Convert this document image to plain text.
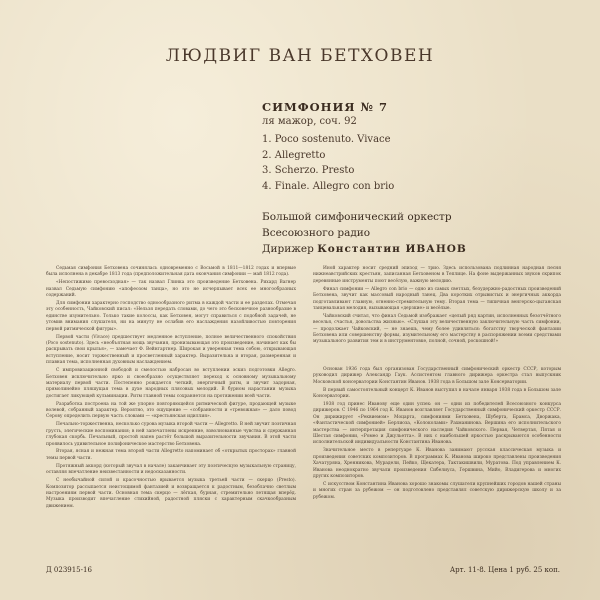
ЛЮДВИГ ВАН БЕТХОВЕН
СИМФОНИЯ № 7
ля мажор, соч. 92
1. Poco sostenuto. Vivace
2. Allegretto
3. Scherzo. Presto
4. Finale. Allegro con brio
Большой симфонический оркестр
Всесоюзного радио
Дирижер Константин ИВАНОВ

Седьмая симфония Бетховена сочинялась одновременно с Восьмой в 1811—1812 годах и впервые была исполнена в декабре 1813 года (предположительная дата окончания симфонии — май 1812 года).

«Непостижимо превосходная» — так назвал Глинка это произведение Бетховена. Рихард Вагнер назвал Седьмую симфонию «апофеозом танца», но это не исчерпывает всех ее многообразных содержаний.

Для симфонии характерно господство одноообразного ритма в каждой части и ее разделах. Отмечая эту особенность, Чайковский писал: «Нельзя передать словами, до чего это бесконечное разнообразие в единстве изумительно. Только такие колоссы, как Бетховен, могут справиться с подобной задачей, не утомив внимания слушателя, ни на минуту не ослабив его наслаждения назойливостью повторения первой ритмической фигуры».

Первой части (Vivace) предшествует медленное вступление, полное величественного спокойствия (Poco sostenuto). Здесь «необъятная мощь звучания, пронизывающая это произведение, начинает как бы раскрывать свои крылья», — замечает Ф. Вейнгартнер. Широкая и уверенная тема собою, открывающая вступление, носит торжественный и просветленный характер. Выразительна и вторая, размеренная и плавная тема, исполненная духовным наслаждением.

С импровизационной свободой и смелостью набросан во вступлении эскиз подготовки Allegro. Бетховен исключительно ярко и своеобразно осуществляет переход к основному музыкальному материалу первой части. Постепенно рождается четкий, энергичный ритм, и звучит задорная, прямолинейно пляшущая тема в духе народных плясовых мелодий. В бурном нарастании музыка достигает ликующей кульминации. Ритм главной темы сохраняется на протяжении всей части.

Разработка построена на той же упорно повторяющейся ритмической фигуре, продающей музыке волевой, собранный характер. Вероятно, это ощущение — «собранности и «тревожная» — дало повод Серову определить первую часть словами — «крестьянская идиллия».

Печально-торжественна, несколько сурова музыка второй части — Allegretto. В ней звучит поэтичная грусть, элегические воспоминания; в ней запечатлены искренние, взволнованные чувства и сдержанная глубокая скорбь. Печальный, простой напев растёт большой выразительности звучания. В этой части проявилось удивительное полифоническое мастерство Бетховена.

Вторая, ясная и нежная тема второй части Allegretto напоминает об «открытых просторах» главной темы первой части.

Протяжный аккорд (который звучал в начале) заканчивает эту поэтическую музыкальную страницу, оставляя впечатление неизвестанности и недосказанности.

С необычайной силой и красочностью врывается музыка третьей части — скерцо (Presto). Композитор рассыпается неистощимой фантазией и возвращается к радостным, безоблачно светлым настроениям первой части. Основная тема скерцо — лёгкая, бурная, стремительно летящая вперёд. Музыка производит впечатление стихийной, радостной пляски с характерным скачкообразным движением.

Иной характер носит средний эпизод — трио. Здесь использована подлинная народная песня нижнеавстрийских крестьян, записанная Бетховеном в Теплице. На фоне выдержанных звуков скрипок деревянные инструменты поют весёлую, важную мелодию.

Финал симфонии — Allegro con brio — одно из самых светлых, безудержно-радостных произведений Бетховена, звучит как массовый народный танец. Два коротких отрывистых и энергичных аккорда подготавливают главную, огненно-стремительную тему. Вторая тема — типичная венгерско-цыганская танцевальная мелодия, вызывающая «дерзкие» и весёлые.

Чайковский считал, что финал Седьмой изображает «целый ряд картин, исполненных безотчётного веселья, счастья, довольства жизнью». «Слушая эту величественную заключительную часть симфонии, — продолжает Чайковский, — не знаешь, чему более удивляться: богатству творческой фантазии Бетховена или совершенству формы, изумительному его мастерству в распоряжении всеми средствами музыкального развития тем и в инструментовке, полной, сочной, роскошной!»

Основан 1936 года был организован Государственный симфонический оркестр СССР, которым руководил дирижер Александр Гаук. Ассистентом главного дирижера оркестра стал выпускник Московской консерватории Константин Иванов. 1938 года в Большом зале Консерватории.

В первый самостоятельный концерт К. Иванов выступил в начале января 1938 года в Большом зале Консерватории.

1938 год принес Иванову еще один успех: он — одни из победителей Всесоюзного конкурса дирижеров. С 1946 по 1964 год К. Иванов возглавляет Государственный симфонический оркестр СССР. Он дирижирует «Реквиемом» Моцарта, симфониями Бетховена, Шуберта, Брамса, Дворжака, «Фантастической симфонией» Берлиоза, «Колоколами» Рахманинова. Вершина его исполнительского мастерства — интерпретация симфонического наследия Чайковского. Первая, Четвертая, Пятая и Шестая симфонии, «Ромео и Джульетта». В них с наибольшей яркостью раскрываются особенности исполнительской индивидуальности Константина Иванова.

Значительное место в репертуаре К. Иванова занимают русская классическая музыка и произведения советских композиторов. В программах К. Иванова широко представлены произведения Хачатуряна, Хренникова, Мурадели, Пейко, Щекатера, Тактакишвили, Муратова. Под управлением К. Иванова неоднократно звучали произведения Сибелиуса, Гершвина, Мийо, Владигерова и многих других композиторов.

С искусством Константина Иванова хорошо знакомы слушатели крупнейших городов нашей страны и многих стран за рубежом — он подготовлено представлял советскую дирижерскую школу и за рубежом.

Д 023915-16	Арт. 11-8. Цена 1 руб. 25 коп.
